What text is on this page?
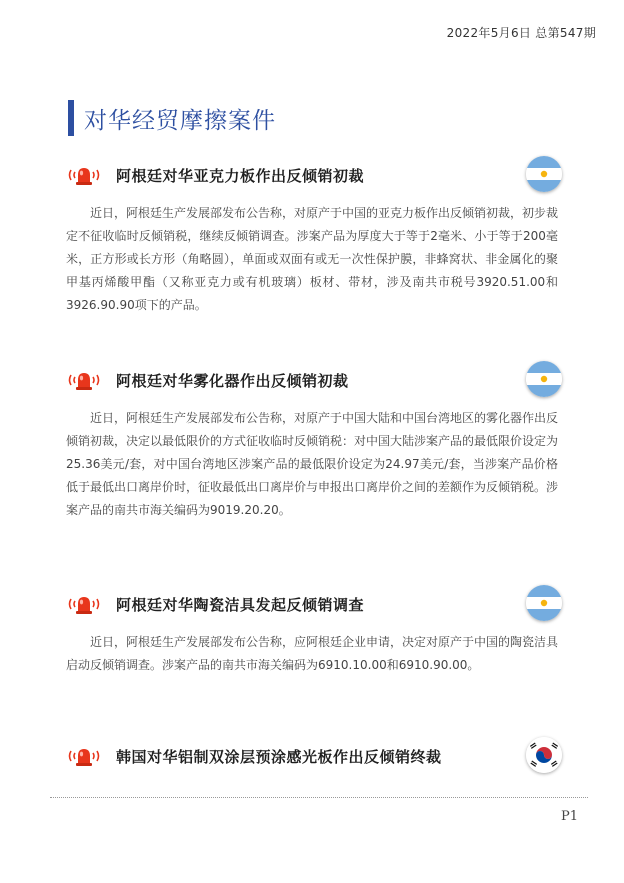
2022年5月6日 总第547期
对华经贸摩擦案件
阿根廷对华亚克力板作出反倾销初裁
近日，阿根廷生产发展部发布公告称，对原产于中国的亚克力板作出反倾销初裁，初步裁定不征收临时反倾销税，继续反倾销调查。涉案产品为厚度大于等于2毫米、小于等于200毫米，正方形或长方形（角略圆），单面或双面有或无一次性保护膜，非蜂窝状、非金属化的聚甲基丙烯酸甲酯（又称亚克力或有机玻璃）板材、带材，涉及南共市税号3920.51.00和3926.90.90项下的产品。
阿根廷对华雾化器作出反倾销初裁
近日，阿根廷生产发展部发布公告称，对原产于中国大陆和中国台湾地区的雾化器作出反倾销初裁，决定以最低限价的方式征收临时反倾销税：对中国大陆涉案产品的最低限价设定为25.36美元/套，对中国台湾地区涉案产品的最低限价设定为24.97美元/套，当涉案产品价格低于最低出口离岸价时，征收最低出口离岸价与申报出口离岸价之间的差额作为反倾销税。涉案产品的南共市海关编码为9019.20.20。
阿根廷对华陶瓷洁具发起反倾销调查
近日，阿根廷生产发展部发布公告称，应阿根廷企业申请，决定对原产于中国的陶瓷洁具启动反倾销调查。涉案产品的南共市海关编码为6910.10.00和6910.90.00。
韩国对华铝制双涂层预涂感光板作出反倾销终裁
P1
